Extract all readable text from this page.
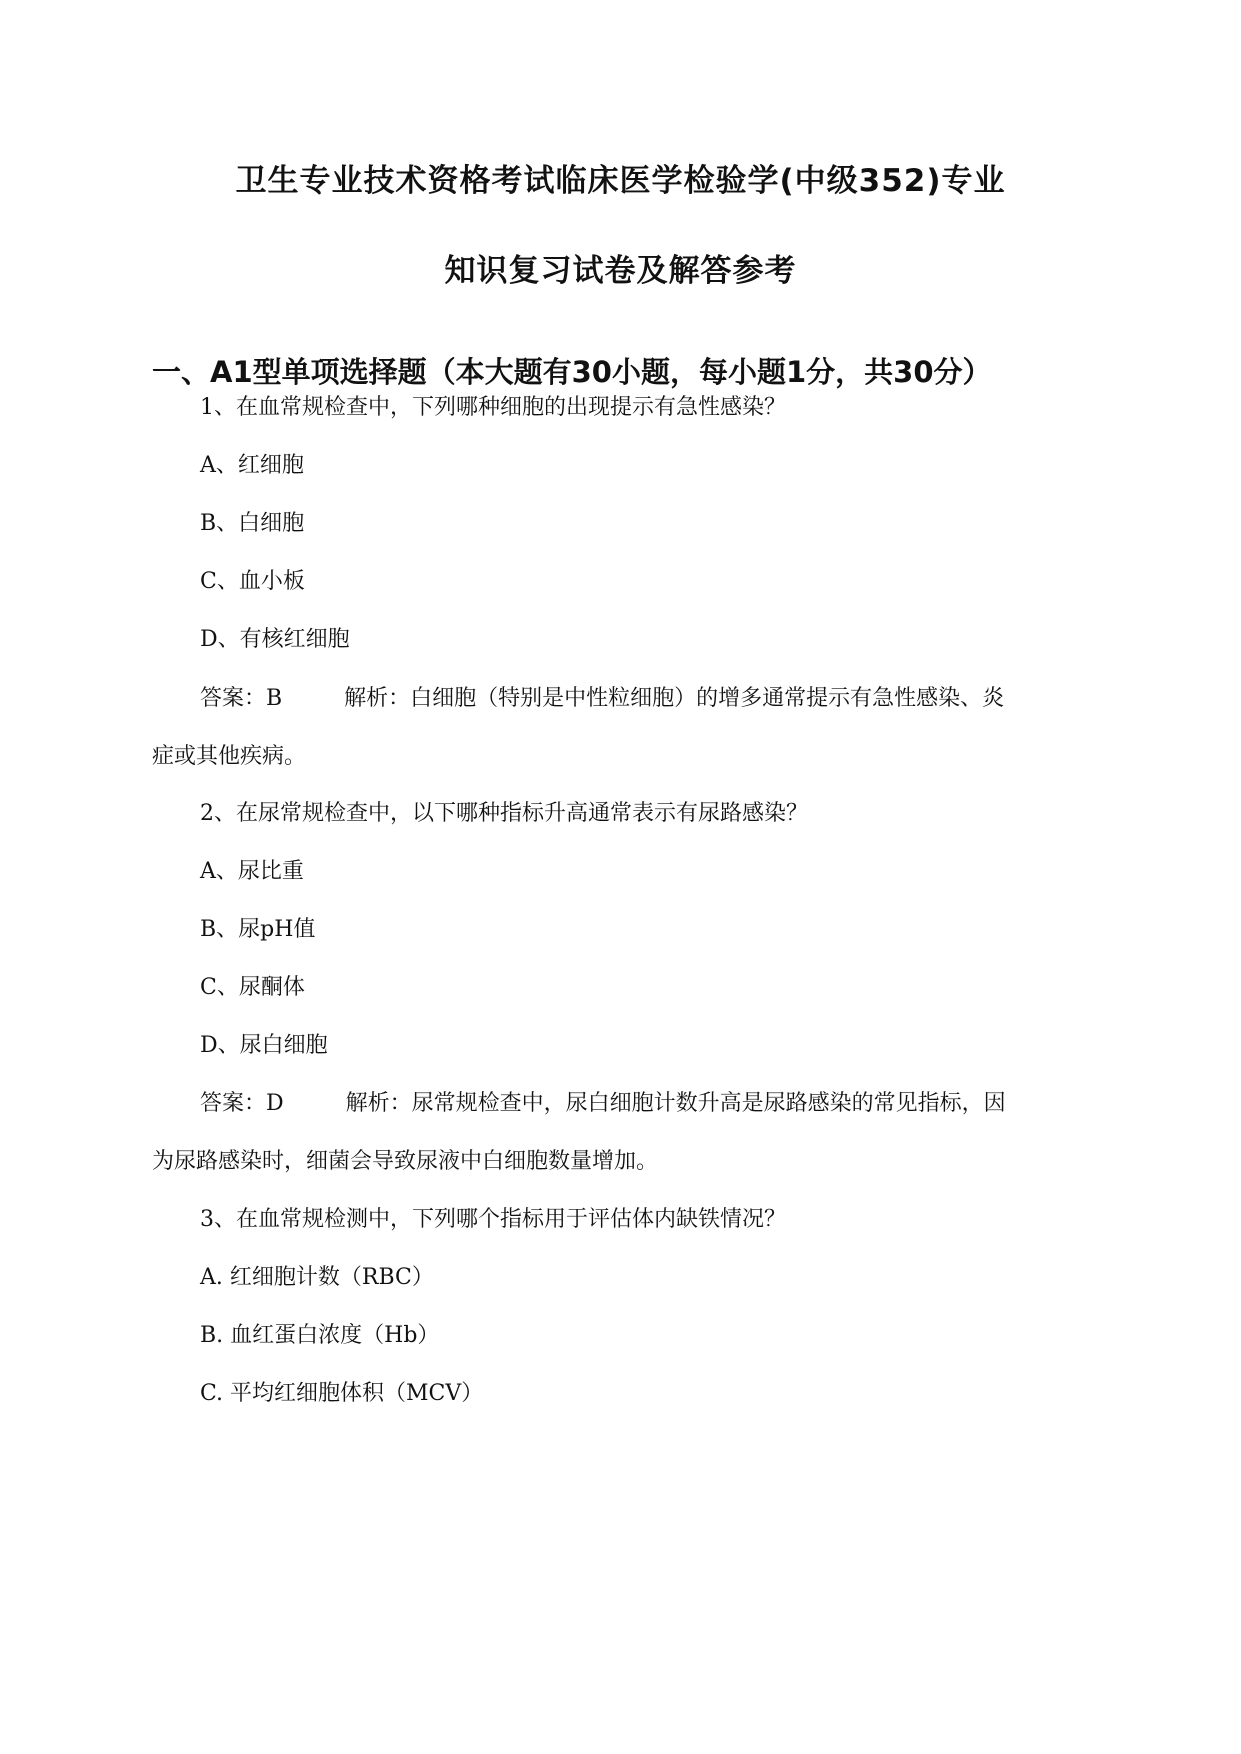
卫生专业技术资格考试临床医学检验学(中级352)专业
知识复习试卷及解答参考
一、A1型单项选择题（本大题有30小题，每小题1分，共30分）
1、在血常规检查中，下列哪种细胞的出现提示有急性感染？
A、红细胞
B、白细胞
C、血小板
D、有核红细胞
答案：B	解析：白细胞（特别是中性粒细胞）的增多通常提示有急性感染、炎
症或其他疾病。
2、在尿常规检查中，以下哪种指标升高通常表示有尿路感染？
A、尿比重
B、尿pH值
C、尿酮体
D、尿白细胞
答案：D	解析：尿常规检查中，尿白细胞计数升高是尿路感染的常见指标，因
为尿路感染时，细菌会导致尿液中白细胞数量增加。
3、在血常规检测中，下列哪个指标用于评估体内缺铁情况？
A. 红细胞计数（RBC）
B. 血红蛋白浓度（Hb）
C. 平均红细胞体积（MCV）
